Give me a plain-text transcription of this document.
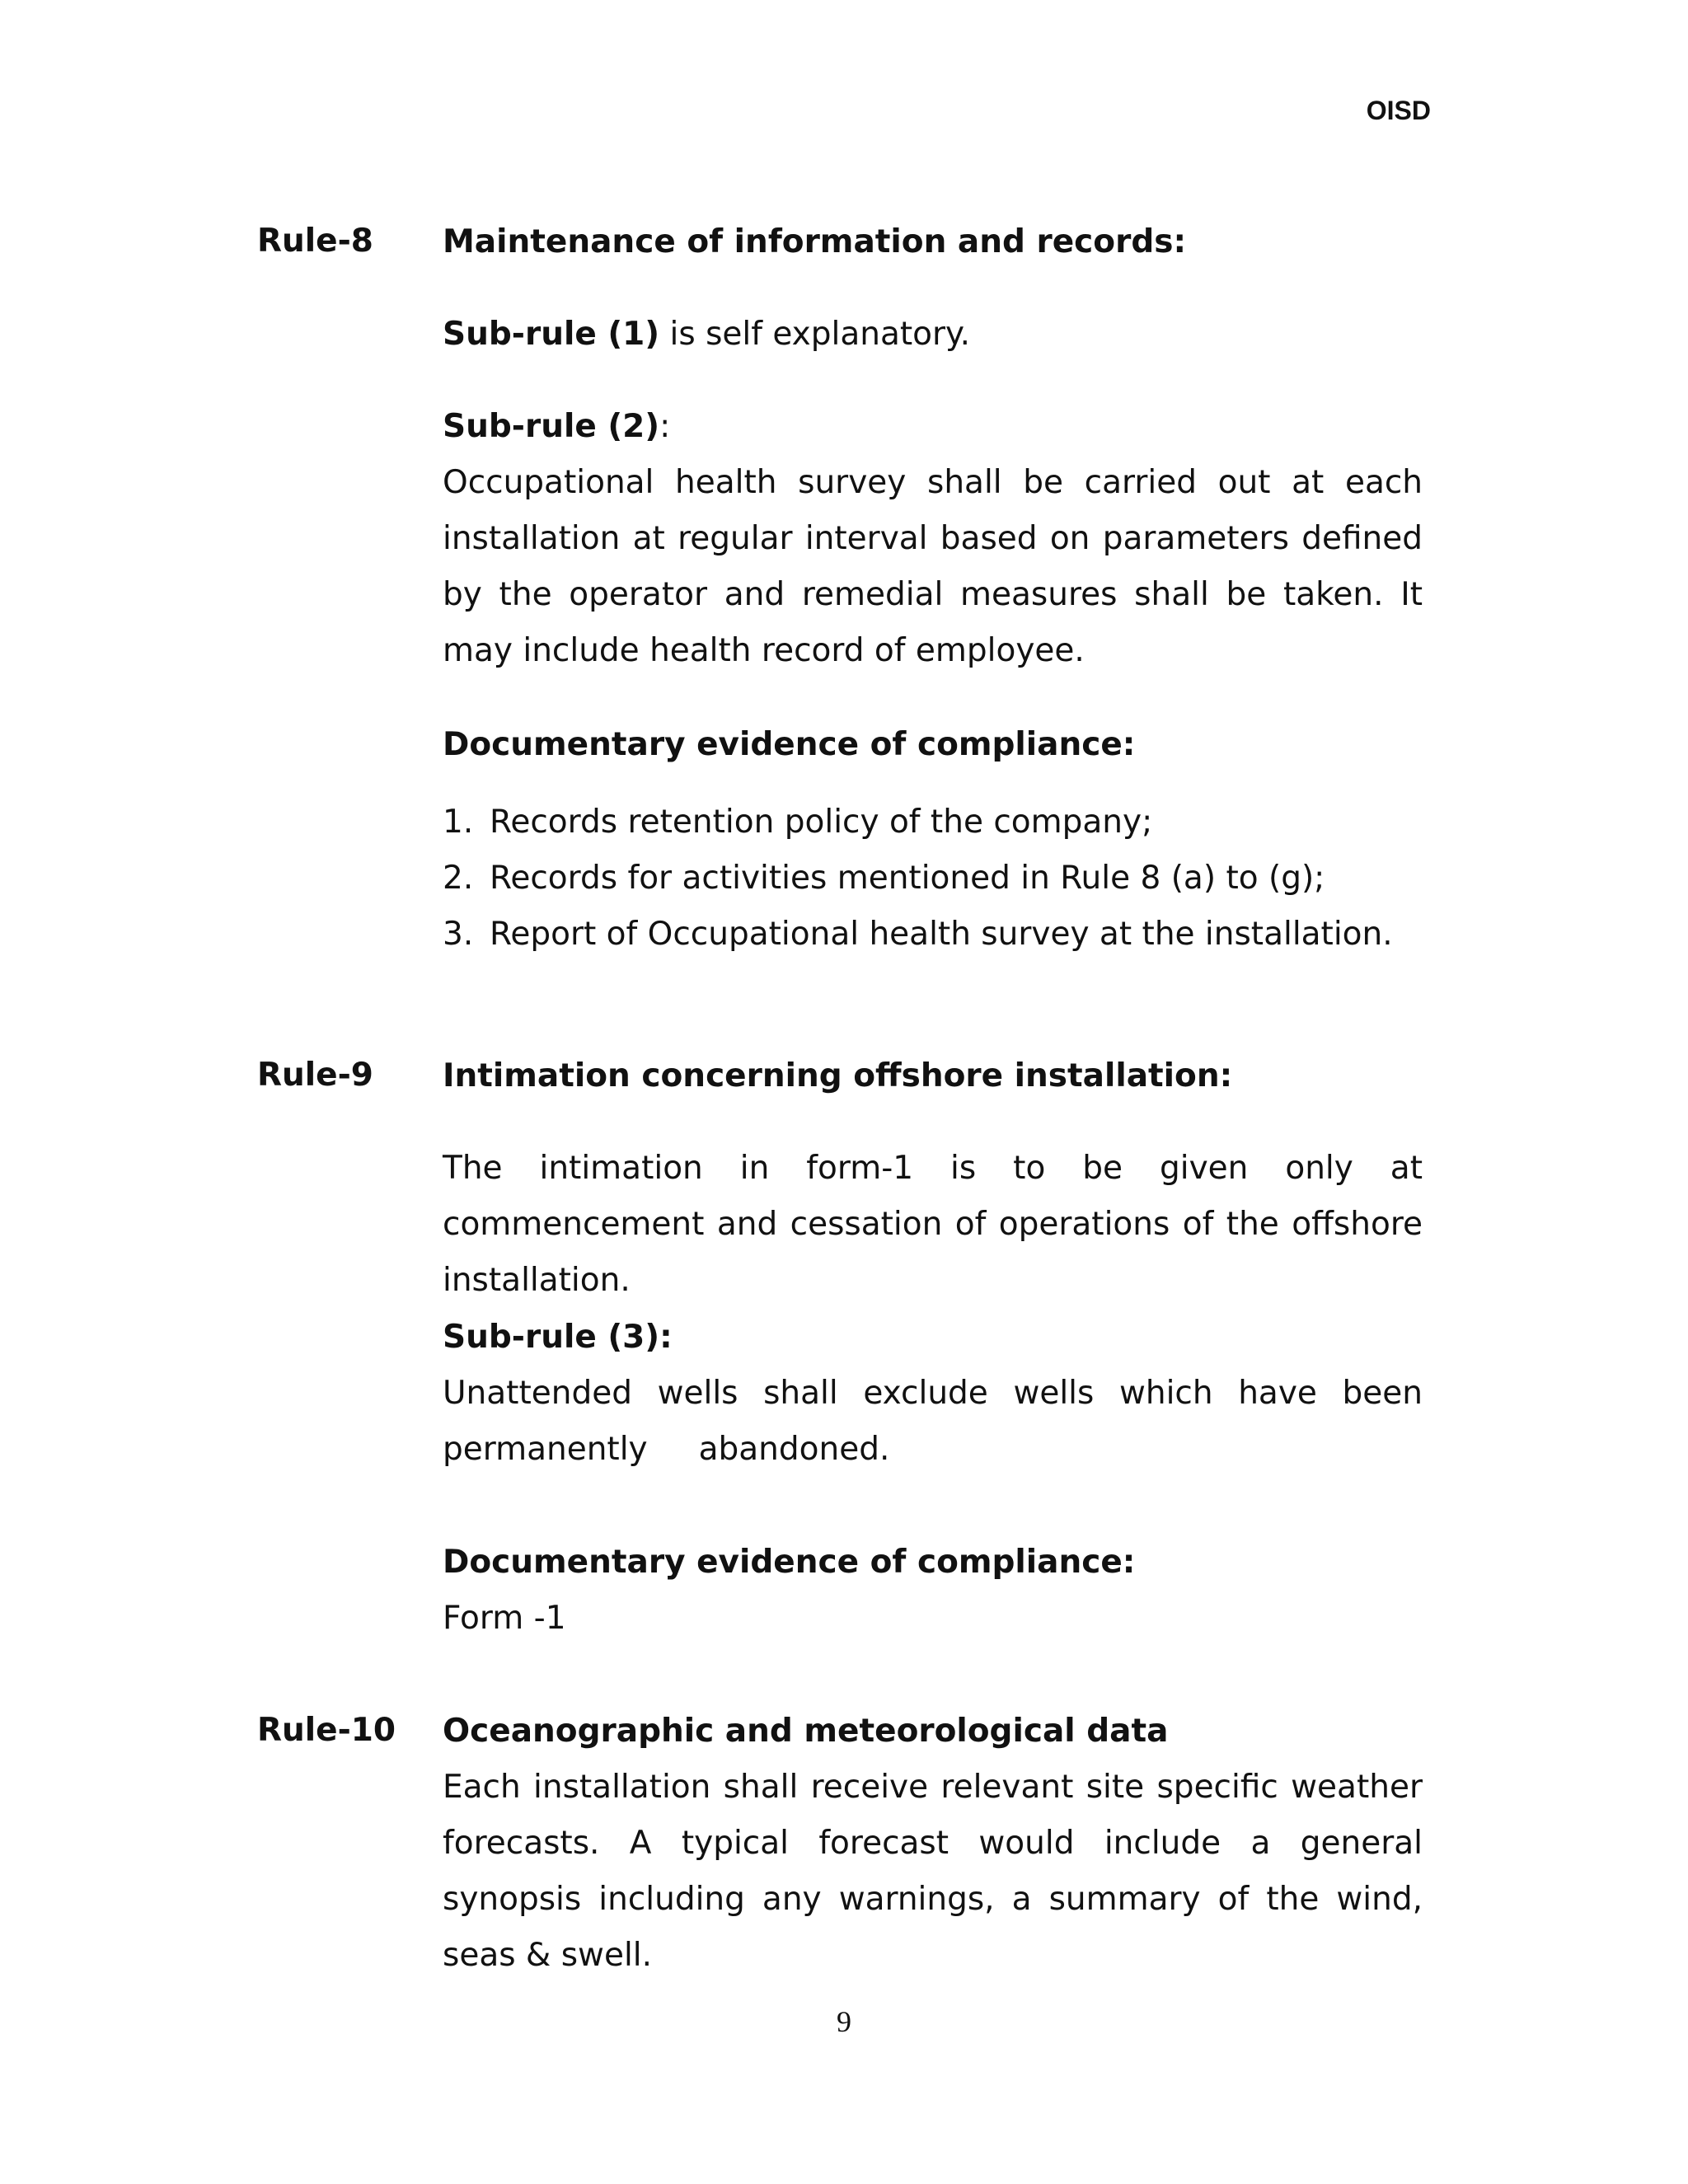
OISD
Rule-8 Maintenance of information and records:
Sub-rule (1) is self explanatory.
Sub-rule (2):
Occupational health survey shall be carried out at each installation at regular interval based on parameters defined by the operator and remedial measures shall be taken. It may include health record of employee.
Documentary evidence of compliance:
1. Records retention policy of the company;
2. Records for activities mentioned in Rule 8 (a) to (g);
3. Report of Occupational health survey at the installation.
Rule-9 Intimation concerning offshore installation:
The intimation in form-1 is to be given only at commencement and cessation of operations of the offshore installation.
Sub-rule (3):
Unattended wells shall exclude wells which have been permanently     abandoned.
Documentary evidence of compliance:
Form -1
Rule-10 Oceanographic and meteorological data
Each installation shall receive relevant site specific weather forecasts. A typical forecast would include a general synopsis including any warnings, a summary of the wind, seas & swell.
9
